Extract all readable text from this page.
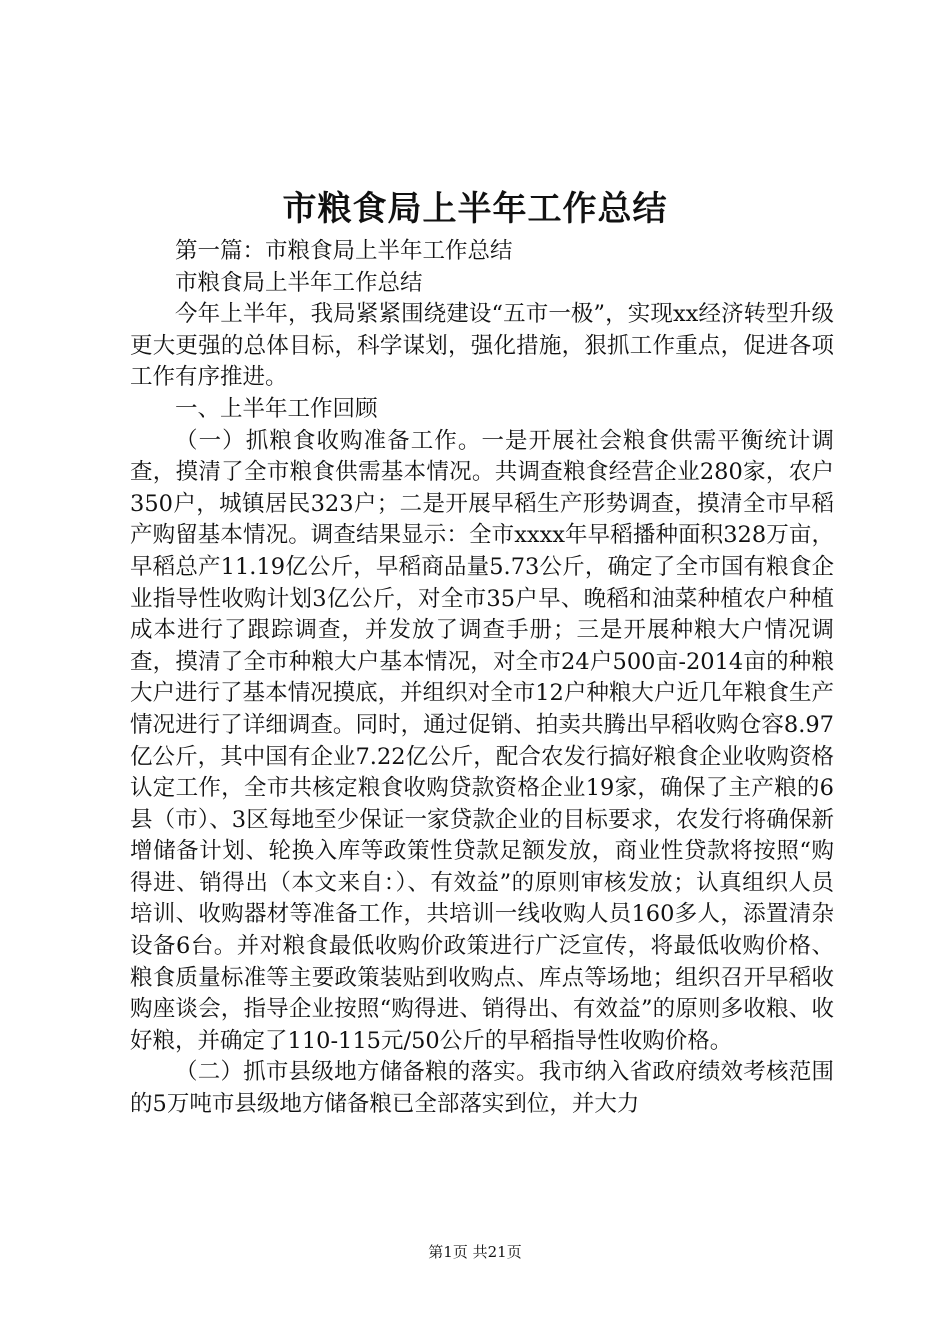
市粮食局上半年工作总结

第一篇：市粮食局上半年工作总结

市粮食局上半年工作总结

今年上半年，我局紧紧围绕建设“五市一极”，实现xx经济转型升级更大更强的总体目标，科学谋划，强化措施，狠抓工作重点，促进各项工作有序推进。

一、上半年工作回顾

（一）抓粮食收购准备工作。一是开展社会粮食供需平衡统计调查，摸清了全市粮食供需基本情况。共调查粮食经营企业280家，农户350户，城镇居民323户；二是开展早稻生产形势调查，摸清全市早稻产购留基本情况。调查结果显示：全市xxxx年早稻播种面积328万亩，早稻总产11.19亿公斤，早稻商品量5.73公斤，确定了全市国有粮食企业指导性收购计划3亿公斤，对全市35户早、晚稻和油菜种植农户种植成本进行了跟踪调查，并发放了调查手册；三是开展种粮大户情况调查，摸清了全市种粮大户基本情况，对全市24户500亩-2014亩的种粮大户进行了基本情况摸底，并组织对全市12户种粮大户近几年粮食生产情况进行了详细调查。同时，通过促销、拍卖共腾出早稻收购仓容8.97亿公斤，其中国有企业7.22亿公斤，配合农发行搞好粮食企业收购资格认定工作，全市共核定粮食收购贷款资格企业19家，确保了主产粮的6县（市）、3区每地至少保证一家贷款企业的目标要求，农发行将确保新增储备计划、轮换入库等政策性贷款足额发放，商业性贷款将按照“购得进、销得出（本文来自：）、有效益”的原则审核发放；认真组织人员培训、收购器材等准备工作，共培训一线收购人员160多人，添置清杂设备6台。并对粮食最低收购价政策进行广泛宣传，将最低收购价格、粮食质量标准等主要政策装贴到收购点、库点等场地；组织召开早稻收购座谈会，指导企业按照“购得进、销得出、有效益”的原则多收粮、收好粮，并确定了110-115元/50公斤的早稻指导性收购价格。

（二）抓市县级地方储备粮的落实。我市纳入省政府绩效考核范围的5万吨市县级地方储备粮已全部落实到位，并大力

第1页 共21页
